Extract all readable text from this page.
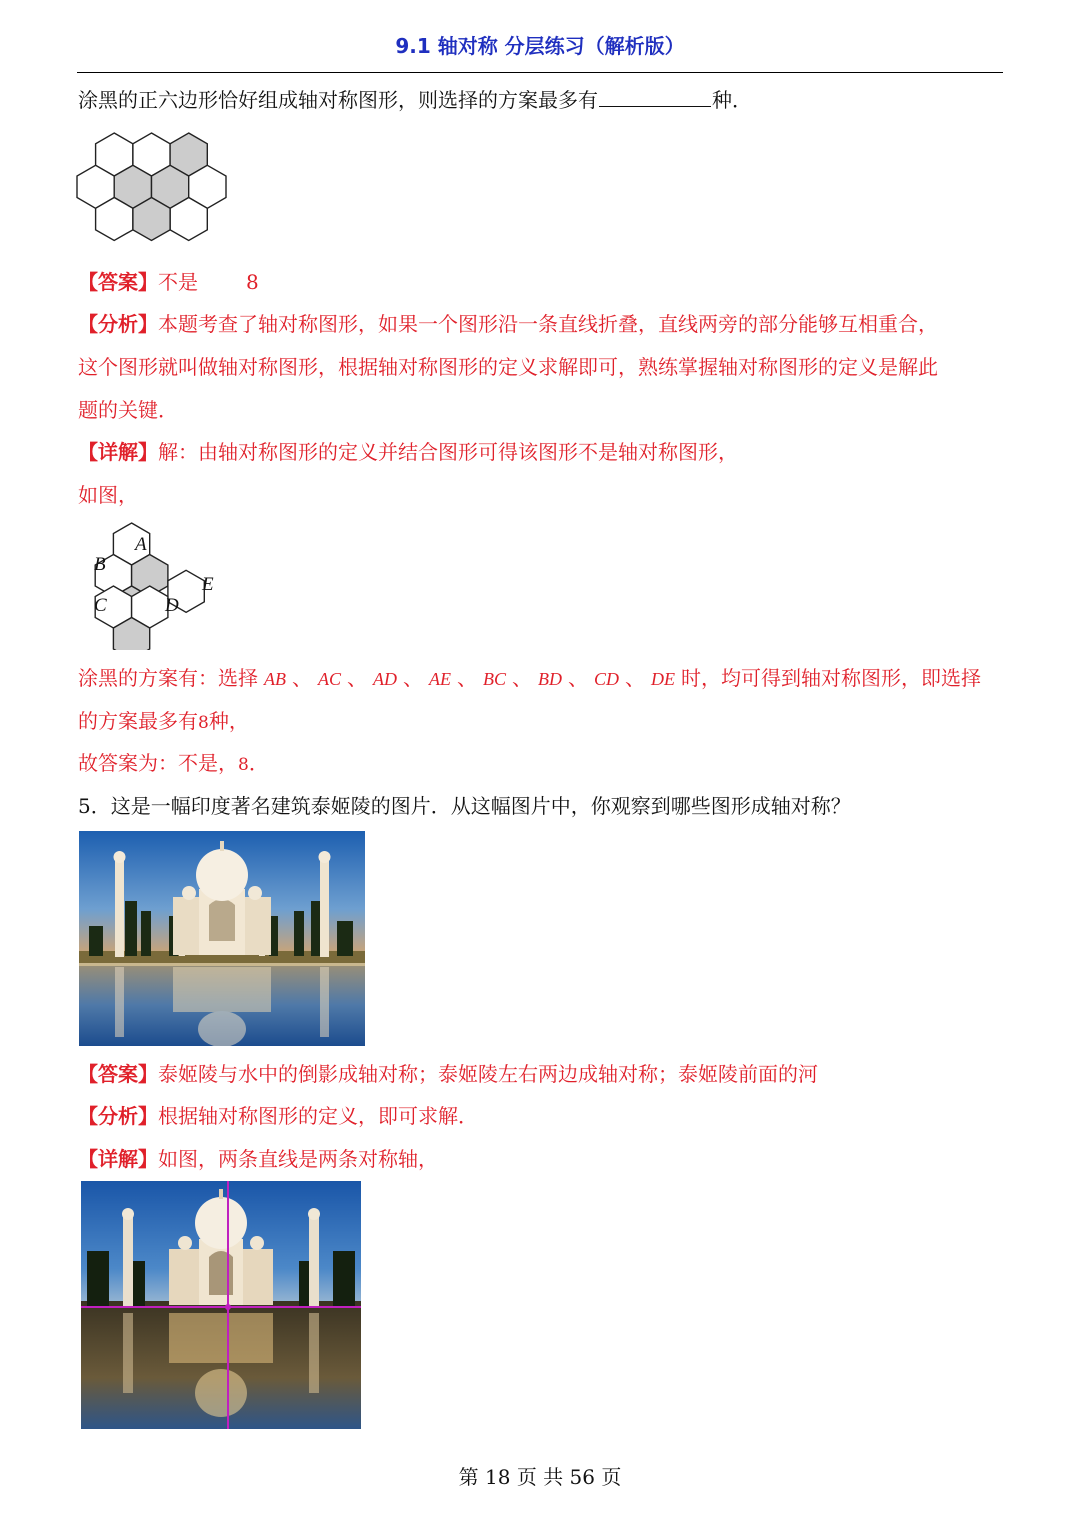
9.1 轴对称 分层练习（解析版）
涂黑的正六边形恰好组成轴对称图形，则选择的方案最多有	种．
【答案】不是 8
【分析】本题考查了轴对称图形，如果一个图形沿一条直线折叠，直线两旁的部分能够互相重合，
这个图形就叫做轴对称图形，根据轴对称图形的定义求解即可，熟练掌握轴对称图形的定义是解此
题的关键．
【详解】解：由轴对称图形的定义并结合图形可得该图形不是轴对称图形，
如图，
A
B
C	D
E
涂黑的方案有：选择 AB 、 AC 、 AD 、 AE 、 BC 、 BD 、 CD 、 DE 时，均可得到轴对称图形，即选择
的方案最多有8种，
故答案为：不是，8．
5．这是一幅印度著名建筑泰姬陵的图片．从这幅图片中，你观察到哪些图形成轴对称？
【答案】泰姬陵与水中的倒影成轴对称；泰姬陵左右两边成轴对称；泰姬陵前面的河
【分析】根据轴对称图形的定义，即可求解．
【详解】如图，两条直线是两条对称轴，
第 18 页 共 56 页
